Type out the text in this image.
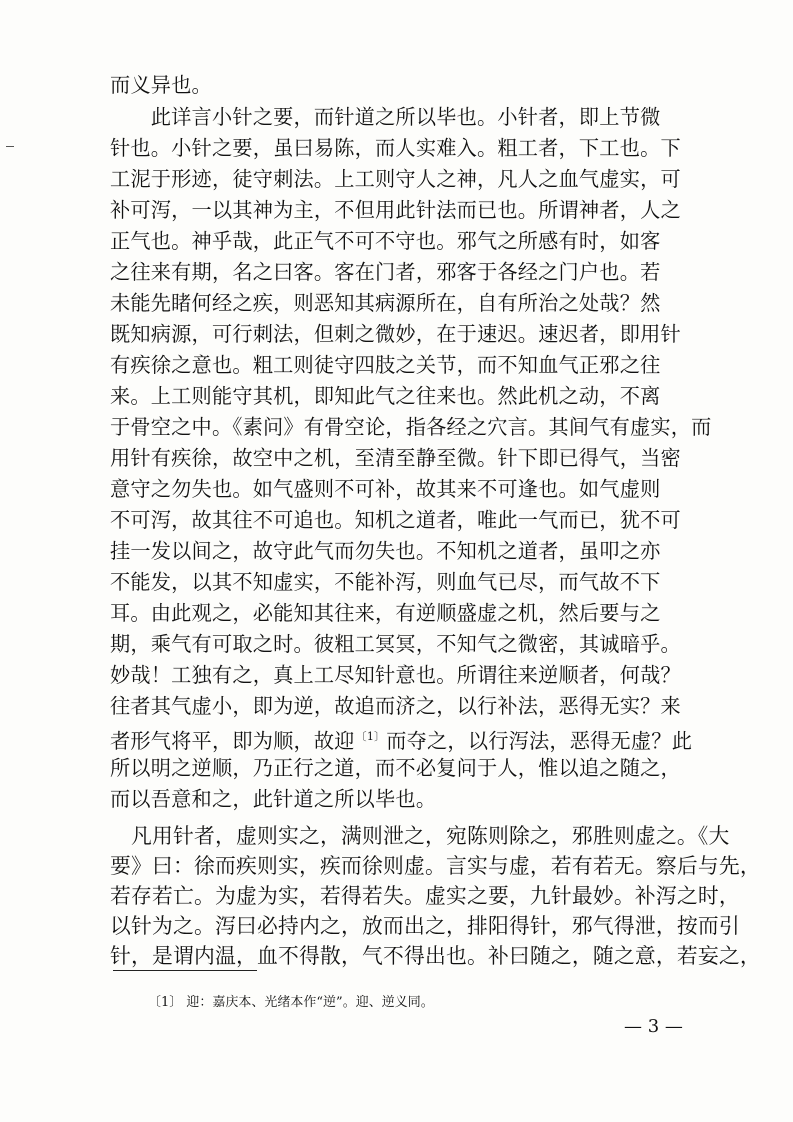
而义异也。
　　此详言小针之要，而针道之所以毕也。小针者，即上节微
针也。小针之要，虽曰易陈，而人实难入。粗工者，下工也。下
工泥于形迹，徒守刺法。上工则守人之神，凡人之血气虚实，可
补可泻，一以其神为主，不但用此针法而已也。所谓神者，人之
正气也。神乎哉，此正气不可不守也。邪气之所感有时，如客
之往来有期，名之曰客。客在门者，邪客于各经之门户也。若
未能先睹何经之疾，则恶知其病源所在，自有所治之处哉？然
既知病源，可行刺法，但刺之微妙，在于速迟。速迟者，即用针
有疾徐之意也。粗工则徒守四肢之关节，而不知血气正邪之往
来。上工则能守其机，即知此气之往来也。然此机之动，不离
于骨空之中。《素问》有骨空论，指各经之穴言。其间气有虚实，而
用针有疾徐，故空中之机，至清至静至微。针下即已得气，当密
意守之勿失也。如气盛则不可补，故其来不可逢也。如气虚则
不可泻，故其往不可追也。知机之道者，唯此一气而已，犹不可
挂一发以间之，故守此气而勿失也。不知机之道者，虽叩之亦
不能发，以其不知虚实，不能补泻，则血气已尽，而气故不下
耳。由此观之，必能知其往来，有逆顺盛虚之机，然后要与之
期，乘气有可取之时。彼粗工冥冥，不知气之微密，其诚暗乎。
妙哉！工独有之，真上工尽知针意也。所谓往来逆顺者，何哉？
往者其气虚小，即为逆，故追而济之，以行补法，恶得无实？来
者形气将平，即为顺，故迎$^{〔1〕}$而夺之，以行泻法，恶得无虚？此
所以明之逆顺，乃正行之道，而不必复问于人，惟以追之随之，
而以吾意和之，此针道之所以毕也。
　凡用针者，虚则实之，满则泄之，宛陈则除之，邪胜则虚之。《大
要》曰：徐而疾则实，疾而徐则虚。言实与虚，若有若无。察后与先，
若存若亡。为虚为实，若得若失。虚实之要，九针最妙。补泻之时，
以针为之。泻曰必持内之，放而出之，排阳得针，邪气得泄，按而引
针，是谓内温，血不得散，气不得出也。补曰随之，随之意，若妄之，
〔1〕 迎：嘉庆本、光绪本作“逆”。迎、逆义同。
— 3 —
